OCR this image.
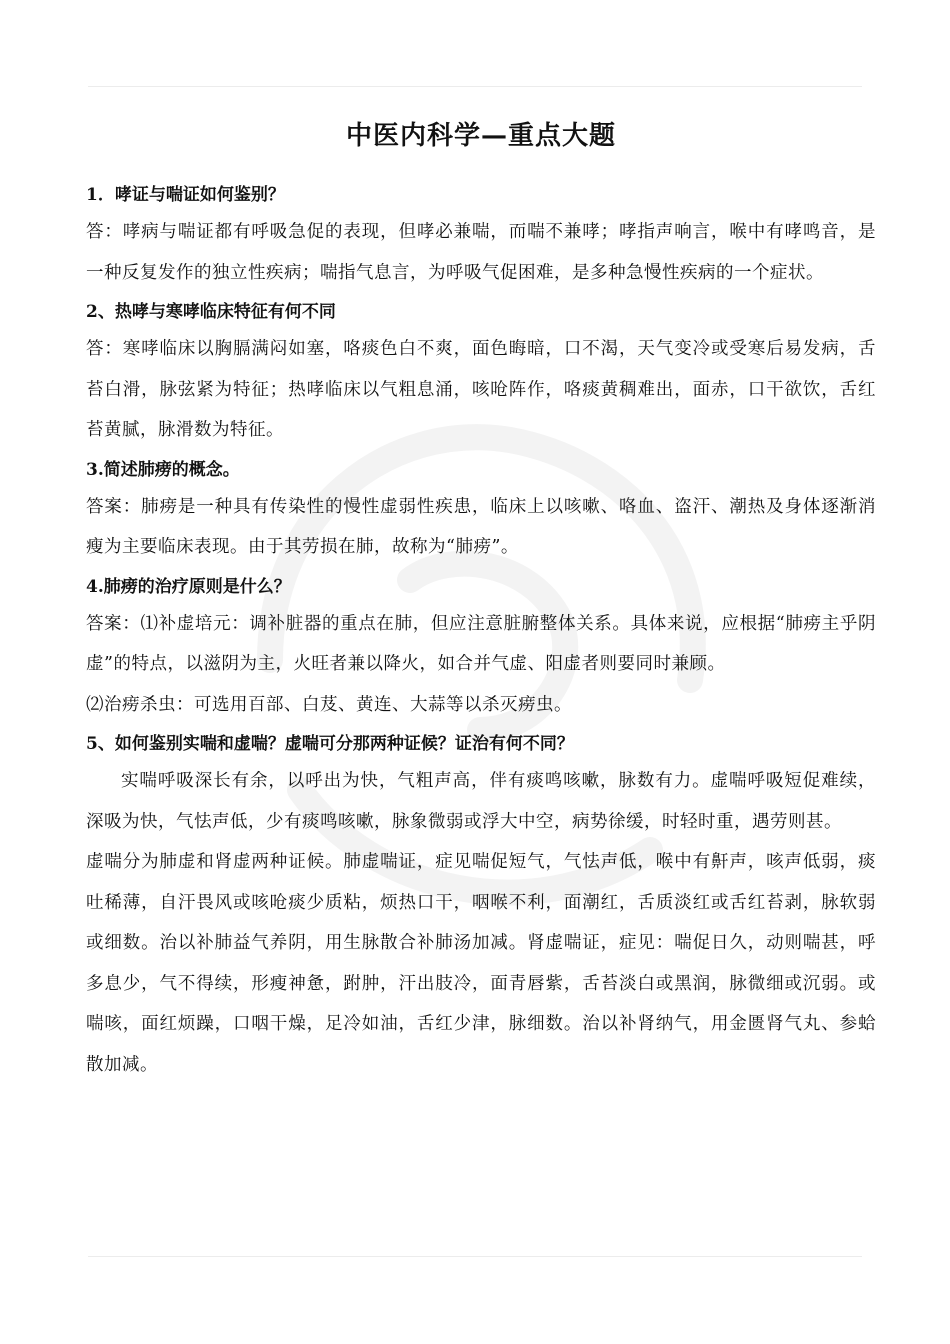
中医内科学—重点大题

1．哮证与喘证如何鉴别？

答：哮病与喘证都有呼吸急促的表现，但哮必兼喘，而喘不兼哮；哮指声响言，喉中有哮鸣音，是一种反复发作的独立性疾病；喘指气息言，为呼吸气促困难，是多种急慢性疾病的一个症状。

2、热哮与寒哮临床特征有何不同

答：寒哮临床以胸膈满闷如塞，咯痰色白不爽，面色晦暗，口不渴，天气变冷或受寒后易发病，舌苔白滑，脉弦紧为特征；热哮临床以气粗息涌，咳呛阵作，咯痰黄稠难出，面赤，口干欲饮，舌红苔黄腻，脉滑数为特征。

3.简述肺痨的概念。

答案：肺痨是一种具有传染性的慢性虚弱性疾患，临床上以咳嗽、咯血、盗汗、潮热及身体逐渐消瘦为主要临床表现。由于其劳损在肺，故称为“肺痨”。

4.肺痨的治疗原则是什么？

答案：⑴补虚培元：调补脏器的重点在肺，但应注意脏腑整体关系。具体来说，应根据“肺痨主乎阴虚”的特点，以滋阴为主，火旺者兼以降火，如合并气虚、阳虚者则要同时兼顾。

⑵治痨杀虫：可选用百部、白芨、黄连、大蒜等以杀灭痨虫。

5、如何鉴别实喘和虚喘？虚喘可分那两种证候？证治有何不同？

实喘呼吸深长有余，以呼出为快，气粗声高，伴有痰鸣咳嗽，脉数有力。虚喘呼吸短促难续，深吸为快，气怯声低，少有痰鸣咳嗽，脉象微弱或浮大中空，病势徐缓，时轻时重，遇劳则甚。

虚喘分为肺虚和肾虚两种证候。肺虚喘证，症见喘促短气，气怯声低，喉中有鼾声，咳声低弱，痰吐稀薄，自汗畏风或咳呛痰少质粘，烦热口干，咽喉不利，面潮红，舌质淡红或舌红苔剥，脉软弱或细数。治以补肺益气养阴，用生脉散合补肺汤加减。肾虚喘证，症见：喘促日久，动则喘甚，呼多息少，气不得续，形瘦神惫，跗肿，汗出肢冷，面青唇紫，舌苔淡白或黑润，脉微细或沉弱。或喘咳，面红烦躁，口咽干燥，足冷如油，舌红少津，脉细数。治以补肾纳气，用金匮肾气丸、参蛤散加减。
